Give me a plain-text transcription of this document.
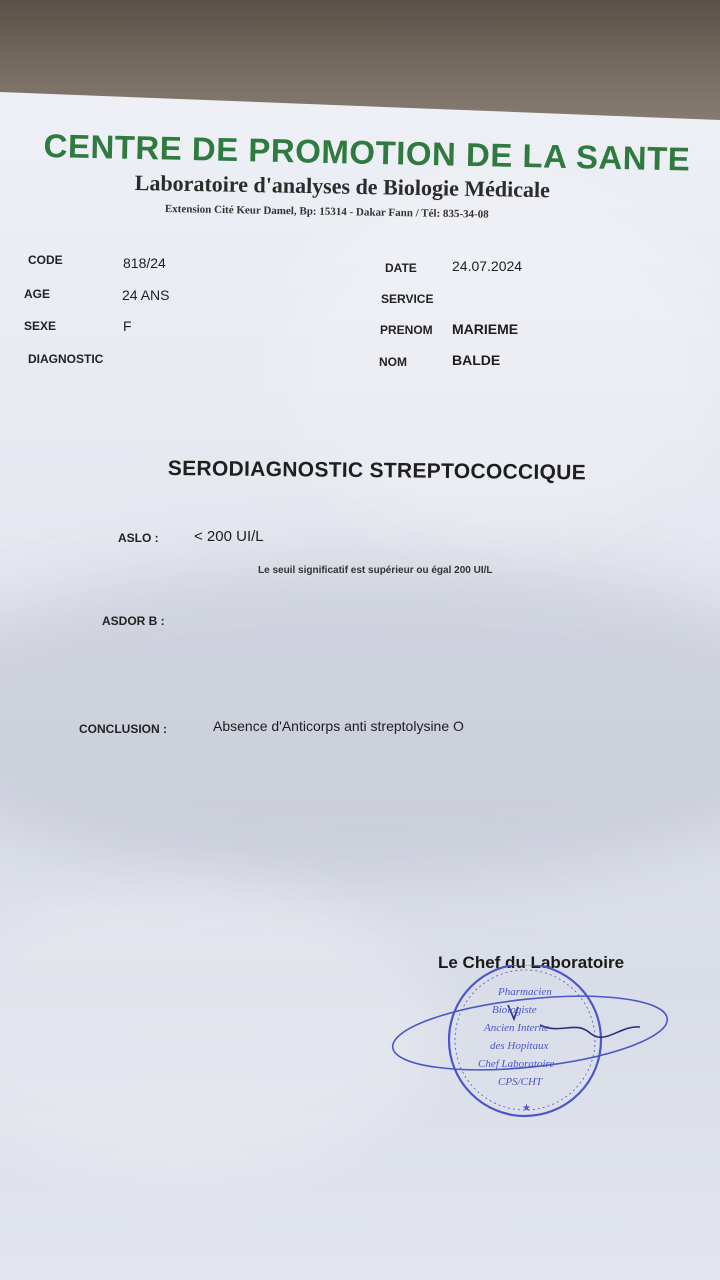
CENTRE DE PROMOTION DE LA SANTE
Laboratoire d'analyses de Biologie Médicale
Extension Cité Keur Damel, Bp: 15314 - Dakar Fann / Tél: 835-34-08
CODE	818/24
AGE	24 ANS
SEXE	F
DIAGNOSTIC
DATE	24.07.2024
SERVICE
PRENOM MARIEME
NOM	BALDE
SERODIAGNOSTIC STREPTOCOCCIQUE
ASLO : < 200 UI/L
Le seuil significatif est supérieur ou égal 200 UI/L
ASDOR B :
CONCLUSION :	Absence d'Anticorps anti streptolysine O
Le Chef du Laboratoire
Pharmacien
Biologiste
Ancien Interne
des Hopitaux
Chef Laboratoire
CPS/CHT
★
